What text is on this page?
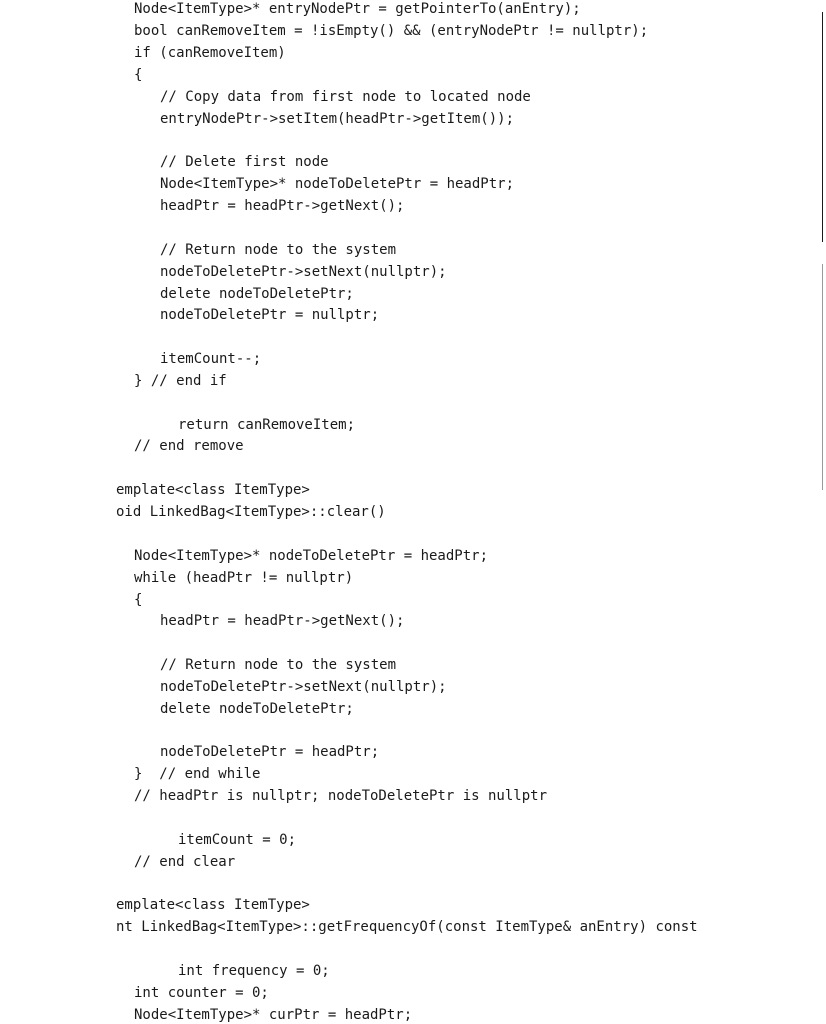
Node<ItemType>* entryNodePtr = getPointerTo(anEntry);
bool canRemoveItem = !isEmpty() && (entryNodePtr != nullptr);
if (canRemoveItem)
{
// Copy data from first node to located node
entryNodePtr->setItem(headPtr->getItem());
// Delete first node
Node<ItemType>* nodeToDeletePtr = headPtr;
headPtr = headPtr->getNext();
// Return node to the system
nodeToDeletePtr->setNext(nullptr);
delete nodeToDeletePtr;
nodeToDeletePtr = nullptr;
itemCount--;
} // end if
return canRemoveItem;
// end remove
emplate<class ItemType>
oid LinkedBag<ItemType>::clear()
Node<ItemType>* nodeToDeletePtr = headPtr;
while (headPtr != nullptr)
{
headPtr = headPtr->getNext();
// Return node to the system
nodeToDeletePtr->setNext(nullptr);
delete nodeToDeletePtr;
nodeToDeletePtr = headPtr;
}  // end while
// headPtr is nullptr; nodeToDeletePtr is nullptr
itemCount = 0;
// end clear
emplate<class ItemType>
nt LinkedBag<ItemType>::getFrequencyOf(const ItemType& anEntry) const
int frequency = 0;
int counter = 0;
Node<ItemType>* curPtr = headPtr;
